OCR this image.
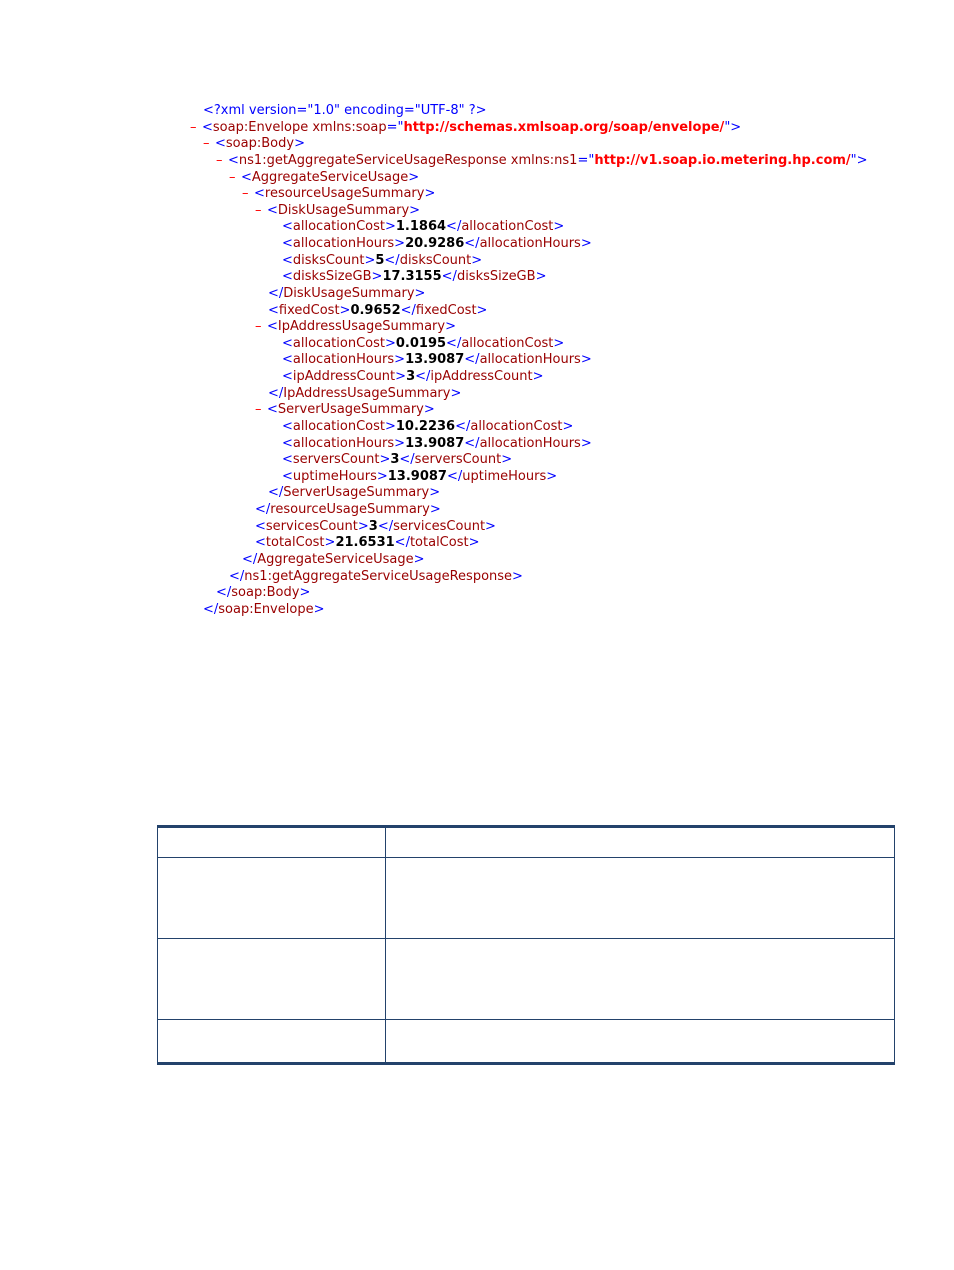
<?xml version="1.0" encoding="UTF-8" ?>
– <soap:Envelope xmlns:soap="http://schemas.xmlsoap.org/soap/envelope/">
– <soap:Body>
– <ns1:getAggregateServiceUsageResponse xmlns:ns1="http://v1.soap.io.metering.hp.com/">
– <AggregateServiceUsage>
– <resourceUsageSummary>
– <DiskUsageSummary>
<allocationCost>1.1864</allocationCost>
<allocationHours>20.9286</allocationHours>
<disksCount>5</disksCount>
<disksSizeGB>17.3155</disksSizeGB>
</DiskUsageSummary>
<fixedCost>0.9652</fixedCost>
– <IpAddressUsageSummary>
<allocationCost>0.0195</allocationCost>
<allocationHours>13.9087</allocationHours>
<ipAddressCount>3</ipAddressCount>
</IpAddressUsageSummary>
– <ServerUsageSummary>
<allocationCost>10.2236</allocationCost>
<allocationHours>13.9087</allocationHours>
<serversCount>3</serversCount>
<uptimeHours>13.9087</uptimeHours>
</ServerUsageSummary>
</resourceUsageSummary>
<servicesCount>3</servicesCount>
<totalCost>21.6531</totalCost>
</AggregateServiceUsage>
</ns1:getAggregateServiceUsageResponse>
</soap:Body>
</soap:Envelope>
